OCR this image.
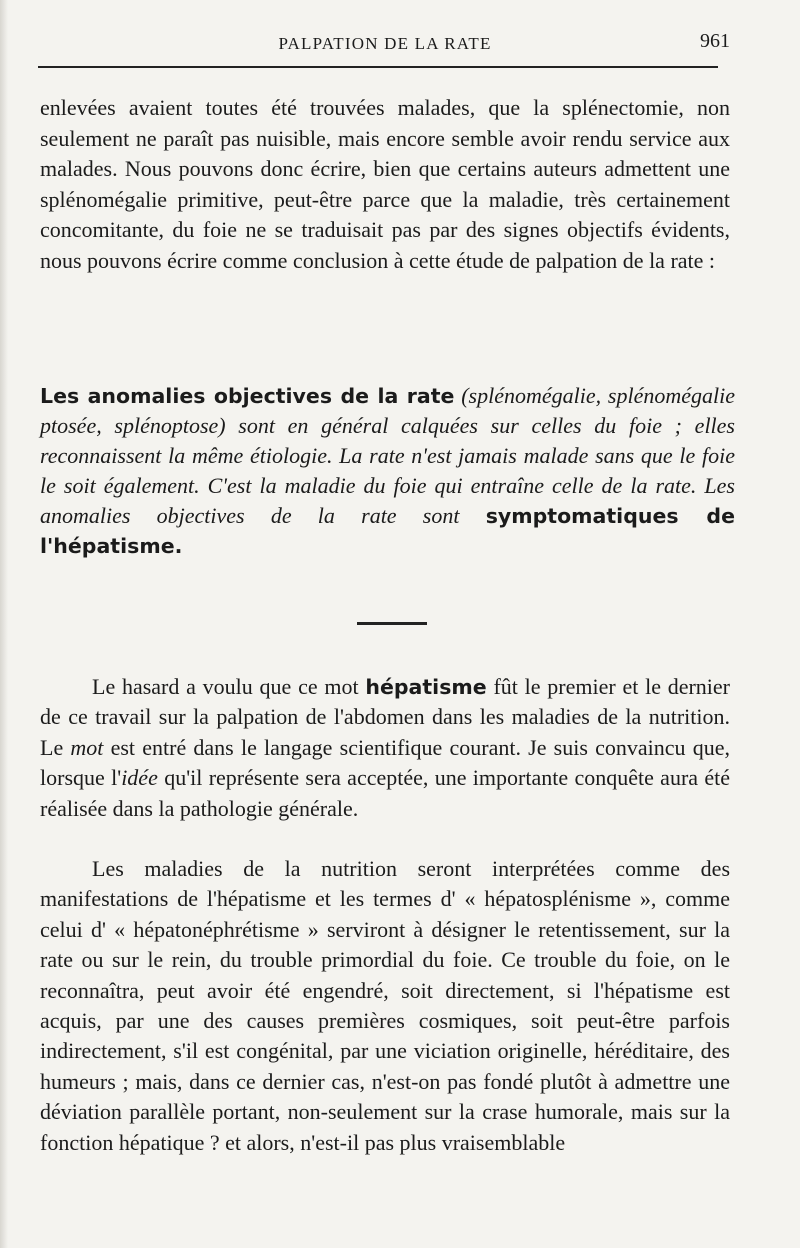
PALPATION DE LA RATE	961

enlevées avaient toutes été trouvées malades, que la splénectomie, non seulement ne paraît pas nuisible, mais encore semble avoir rendu service aux malades. Nous pouvons donc écrire, bien que certains auteurs admettent une splénomégalie primitive, peut-être parce que la maladie, très certainement concomitante, du foie ne se traduisait pas par des signes objectifs évidents, nous pouvons écrire comme conclusion à cette étude de palpation de la rate :

Les anomalies objectives de la rate (splénomégalie, splénomégalie ptosée, splénoptose) sont en général calquées sur celles du foie ; elles reconnaissent la même étiologie. La rate n'est jamais malade sans que le foie le soit également. C'est la maladie du foie qui entraîne celle de la rate. Les anomalies objectives de la rate sont symptomatiques de l'hépatisme.

Le hasard a voulu que ce mot hépatisme fût le premier et le dernier de ce travail sur la palpation de l'abdomen dans les maladies de la nutrition. Le mot est entré dans le langage scientifique courant. Je suis convaincu que, lorsque l'idée qu'il représente sera acceptée, une importante conquête aura été réalisée dans la pathologie générale.

Les maladies de la nutrition seront interprétées comme des manifestations de l'hépatisme et les termes d' « hépatosplénisme », comme celui d' « hépatonéphrétisme » serviront à désigner le retentissement, sur la rate ou sur le rein, du trouble primordial du foie. Ce trouble du foie, on le reconnaîtra, peut avoir été engendré, soit directement, si l'hépatisme est acquis, par une des causes premières cosmiques, soit peut-être parfois indirectement, s'il est congénital, par une viciation originelle, héréditaire, des humeurs ; mais, dans ce dernier cas, n'est-on pas fondé plutôt à admettre une déviation parallèle portant, non-seulement sur la crase humorale, mais sur la fonction hépatique ? et alors, n'est-il pas plus vraisemblable
